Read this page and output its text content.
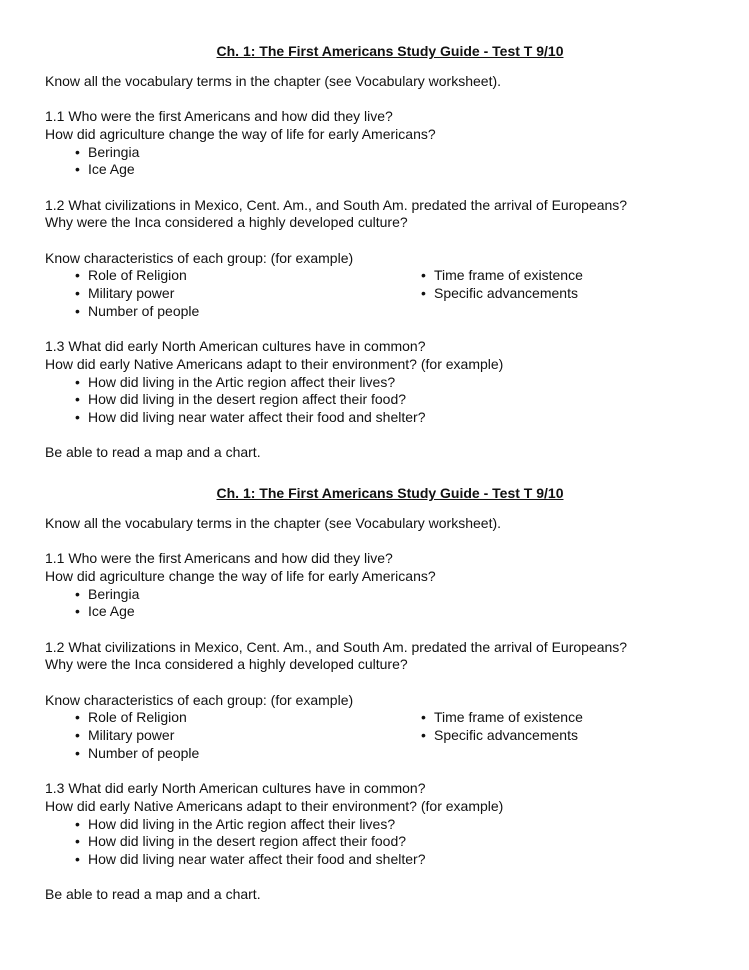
Ch. 1: The First Americans Study Guide - Test T 9/10
Know all the vocabulary terms in the chapter (see Vocabulary worksheet).
1.1 Who were the first Americans and how did they live?
How did agriculture change the way of life for early Americans?
• Beringia
• Ice Age
1.2 What civilizations in Mexico, Cent. Am., and South Am. predated the arrival of Europeans?
Why were the Inca considered a highly developed culture?
Know characteristics of each group: (for example)
• Role of Religion
• Military power
• Number of people
• Time frame of existence
• Specific advancements
1.3 What did early North American cultures have in common?
How did early Native Americans adapt to their environment? (for example)
• How did living in the Artic region affect their lives?
• How did living in the desert region affect their food?
• How did living near water affect their food and shelter?
Be able to read a map and a chart.
Ch. 1: The First Americans Study Guide - Test T 9/10
Know all the vocabulary terms in the chapter (see Vocabulary worksheet).
1.1 Who were the first Americans and how did they live?
How did agriculture change the way of life for early Americans?
• Beringia
• Ice Age
1.2 What civilizations in Mexico, Cent. Am., and South Am. predated the arrival of Europeans?
Why were the Inca considered a highly developed culture?
Know characteristics of each group: (for example)
• Role of Religion
• Military power
• Number of people
• Time frame of existence
• Specific advancements
1.3 What did early North American cultures have in common?
How did early Native Americans adapt to their environment? (for example)
• How did living in the Artic region affect their lives?
• How did living in the desert region affect their food?
• How did living near water affect their food and shelter?
Be able to read a map and a chart.
